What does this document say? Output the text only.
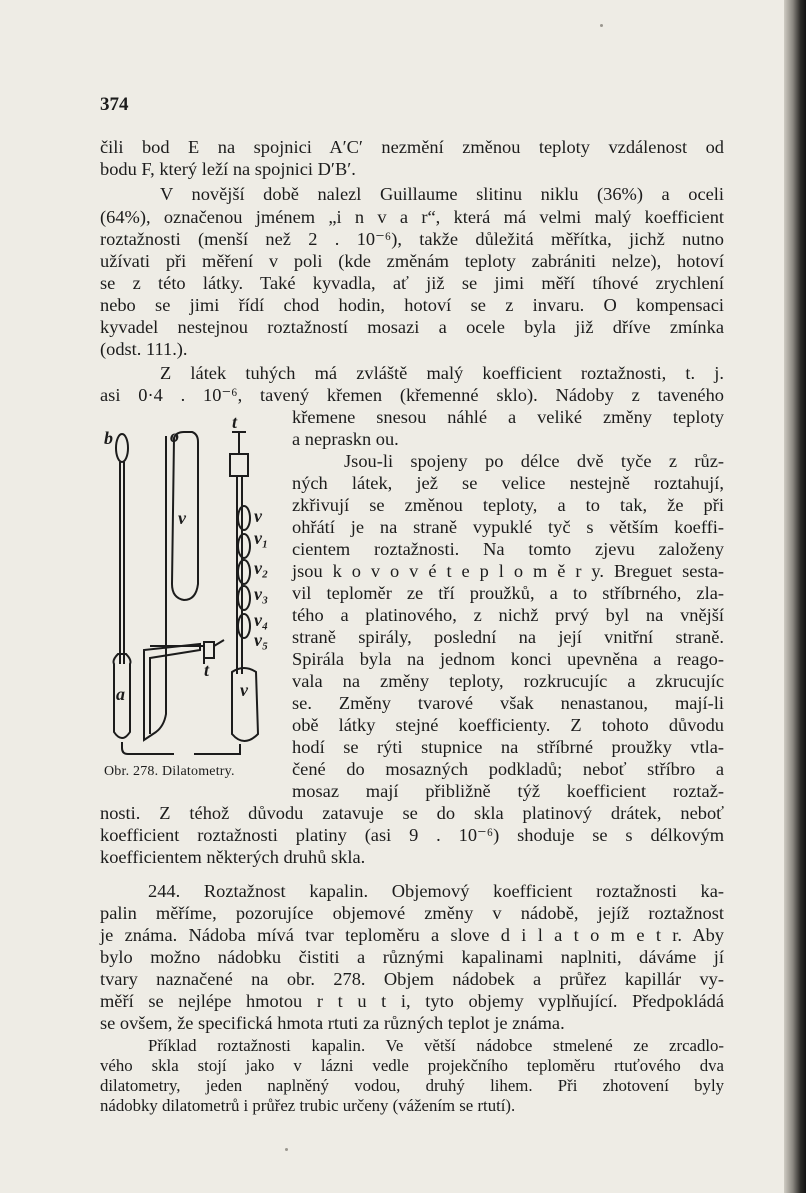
374
čili bod E na spojnici A′C′ nezmění změnou teploty vzdálenost od
bodu F, který leží na spojnici D′B′.
V novější době nalezl Guillaume slitinu niklu (36%) a oceli
(64%), označenou jménem „i n v a r“, která má velmi malý koefficient
roztažnosti (menší než 2 . 10⁻⁶), takže důležitá měřítka, jichž nutno
užívati při měření v poli (kde změnám teploty zabrániti nelze), hotoví
se z této látky. Také kyvadla, ať již se jimi měří tíhové zrychlení
nebo se jimi řídí chod hodin, hotoví se z invaru. O kompensaci
kyvadel nestejnou roztažností mosazi a ocele byla již dříve zmínka
(odst. 111.).
Z látek tuhých má zvláště malý koefficient roztažnosti, t. j.
asi 0·4 . 10⁻⁶, tavený křemen (křemenné sklo). Nádoby z taveného
křemene snesou náhlé a veliké změny teploty
a nepraskn ou.
Jsou-li spojeny po délce dvě tyče z růz-
ných látek, jež se velice nestejně roztahují,
zkřivují se změnou teploty, a to tak, že při
ohřátí je na straně vypuklé tyč s větším koeffi-
cientem roztažnosti. Na tomto zjevu založeny
jsou k o v o v é t e p l o m ě r y. Breguet sesta-
vil teploměr ze tří proužků, a to stříbrného, zla-
tého a platinového, z nichž prvý byl na vnější
straně spirály, poslední na její vnitřní straně.
Spirála byla na jednom konci upevněna a reago-
vala na změny teploty, rozkrucujíc a zkrucujíc
se. Změny tvarové však nenastanou, mají-li
obě látky stejné koefficienty. Z tohoto důvodu
hodí se rýti stupnice na stříbrné proužky vtla-
čené do mosazných podkladů; neboť stříbro a
mosaz mají přibližně týž koefficient roztaž-
nosti. Z téhož důvodu zatavuje se do skla platinový drátek, neboť
koefficient roztažnosti platiny (asi 9 . 10⁻⁶) shoduje se s délkovým
koefficientem některých druhů skla.
244. Roztažnost kapalin. Objemový koefficient roztažnosti ka-
palin měříme, pozorujíce objemové změny v nádobě, jejíž roztažnost
je známa. Nádoba mívá tvar teploměru a slove d i l a t o m e t r. Aby
bylo možno nádobku čistiti a různými kapalinami naplniti, dáváme jí
tvary naznačené na obr. 278. Objem nádobek a průřez kapillár vy-
měří se nejlépe hmotou r t u t i, tyto objemy vyplňující. Předpokládá
se ovšem, že specifická hmota rtuti za různých teplot je známa.
Příklad roztažnosti kapalin. Ve větší nádobce stmelené ze zrcadlo-
vého skla stojí jako v lázni vedle projekčního teploměru rtuťového dva
dilatometry, jeden naplněný vodou, druhý lihem. Při zhotovení byly
nádobky dilatometrů i průřez trubic určeny (vážením se rtutí).
b	o
t
v	v
v₁
v₂
v₃
v₄
v₅
t
a	v
Obr. 278. Dilatometry.
